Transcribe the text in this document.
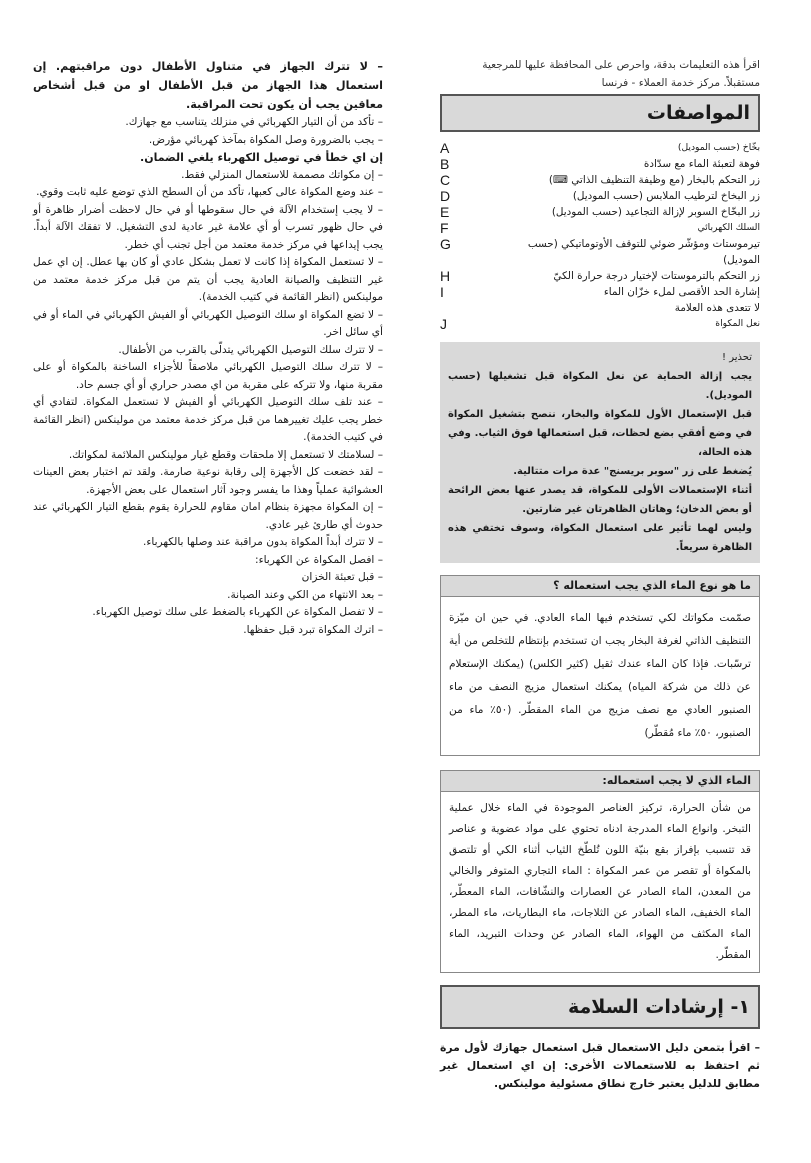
– لا تترك الجهاز في متناول الأطفال دون مراقبتهم. إن استعمال هذا الجهاز من قبل الأطفال او من قبل أشخاص معاقين يجب أن يكون تحت المراقبة.

– تأكد من أن التيار الكهربائي في منزلك يتناسب مع جهازك.

– يجب بالضرورة وصل المكواة بمآخذ كهربائي مؤرض.

إن اي خطأ في توصيل الكهرباء يلغي الضمان.

– إن مكواتك مصممة للاستعمال المنزلي فقط.

– عند وضع المكواة عالى كعبها، تأكد من أن السطح الذي توضع عليه ثابت وقوي.

– لا يجب إستخدام الآلة في حال سقوطها أو في حال لاحظت أضرار ظاهرة أو في حال ظهور تسرب أو أي علامة غير عادية لدى التشغيل. لا تفقك الآلة أبداً. يجب إيداعها في مركز خدمة معتمد من أجل تجنب أي خطر.

– لا تستعمل المكواة إذا كانت لا تعمل بشكل عادي أو كان بها عطل. إن اي عمل غير التنظيف والصيانة العادية يجب أن يتم من قبل مركز خدمة معتمد من مولينكس (انظر القائمة في كتيب الخدمة).

– لا تضع المكواة او سلك التوصيل الكهربائي أو الفيش الكهربائي في الماء أو في أي سائل اخر.

– لا تترك سلك التوصيل الكهربائي يتدلّى بالقرب من الأطفال.

– لا تترك سلك التوصيل الكهربائي ملاصقاً للأجزاء الساخنة بالمكواة أو على مقربة منها، ولا تتركه على مقربة من اي مصدر حراري أو أي جسم حاد.

– عند تلف سلك التوصيل الكهربائي أو الفيش لا تستعمل المكواة. لتفادي أي خطر يجب عليك تغييرهما من قبل مركز خدمة معتمد من مولينكس (انظر القائمة في كتيب الخدمة).

– لسلامتك لا تستعمل إلا ملحقات وقطع غيار مولينكس الملائمة لمكواتك.

– لقد خضعت كل الأجهزة إلى رقابة نوعية صارمة. ولقد تم اختبار بعض العينات العشوائية عملياً وهذا ما يفسر وجود آثار استعمال على بعض الأجهزة.

– إن المكواة مجهزة بنظام امان مقاوم للحرارة يقوم بقطع التيار الكهربائي عند حدوث أي طارئ غير عادي.

– لا تترك أبداً المكواة بدون مراقبة عند وصلها بالكهرباء.

– افصل المكواة عن الكهرباء:

– قبل تعبئة الخزان

– بعد الانتهاء من الكي وعند الصيانة.

– لا تفصل المكواة عن الكهرباء بالضغط على سلك توصيل الكهرباء.

– اترك المكواة تبرد قبل حفظها.

اقرأ هذه التعليمات بدقة، واحرص على المحافظة عليها للمرجعية

مستقبلاً. مركز خدمة العملاء - فرنسا

المواصفات
بخّاخ (حسب الموديل)
A
فوهة لتعبئة الماء مع سدّادة
B
زر التحكم بالبخار (مع وظيفة التنظيف الذاتي ⌨)
C
زر البخاخ لترطيب الملابس (حسب الموديل)
D
زر البخّاخ السوبر لإزالة التجاعيد (حسب الموديل)
E
السلك الكهربائي
F
تيرموستات ومؤشّر ضوئي للتوقف الأوتوماتيكي (حسب الموديل)
G
زر التحكم بالترموستات لإختيار درجة حرارة الكيّ
H
إشارة الحد الأقصى لملء خزّان الماء
I
لا تتعدى هذه العلامة
نعل المكواة
J
تحذير !
يجب إزالة الحماية عن نعل المكواة قبل تشغيلها (حسب الموديل).
قبل الإستعمال الأول للمكواة والبخار، ننصح بتشغيل المكواة في وضع أفقي بضع لحظات، قبل استعمالها فوق الثياب. وفي هذه الحالة،
يُضغط على زر "سوبر بريسنج" عدة مرات متتالية.
أثناء الإستعمالات الأولى للمكواة، قد يصدر عنها بعض الرائحة أو بعض الدخان؛ وهاتان الظاهرتان غير ضارتين.
وليس لهما تأثير على استعمال المكواة، وسوف تختفي هذه الظاهرة سريعاً.
ما هو نوع الماء الذي يجب استعماله ؟
صمّمت مكواتك لكي تستخدم فيها الماء العادي. في حين ان ميّزة التنظيف الذاتي لغرفة البخار يجب ان تستخدم بإنتظام للتخلص من أية ترسّبات. فإذا كان الماء عندك ثقيل (كثير الكلس) (يمكنك الإستعلام عن ذلك من شركة المياه) يمكنك استعمال مزيج النصف من ماء الصنبور العادي مع نصف مزيج من الماء المقطّر. (٥٠٪ ماء من الصنبور، ٥٠٪ ماء مُقطّر)
الماء الذي لا يجب استعماله:
من شأن الحرارة، تركيز العناصر الموجودة في الماء خلال عملية التبخر. وانواع الماء المدرجة ادناه تحتوي على مواد عضوية و عناصر قد تتسبب بإفراز بقع بنيّة اللون تُلطّخ الثياب أثناء الكي أو تلتصق بالمكواة أو تقصر من عمر المكواة : الماء التجاري المتوفر والخالي من المعدن، الماء الصادر عن العصارات والنشّافات، الماء المعطّر، الماء الخفيف، الماء الصادر عن الثلاجات، ماء البطاريات، ماء المطر، الماء المكثف من الهواء، الماء الصادر عن وحدات التبريد، الماء المقطّر.
١- إرشادات السلامة

– اقرأ بتمعن دليل الاستعمال قبل استعمال جهازك لأول مرة ثم احتفظ به للاستعمالات الأخرى: إن اي استعمال غير مطابق للدليل يعتبر خارج نطاق مسئولية مولينكس.
